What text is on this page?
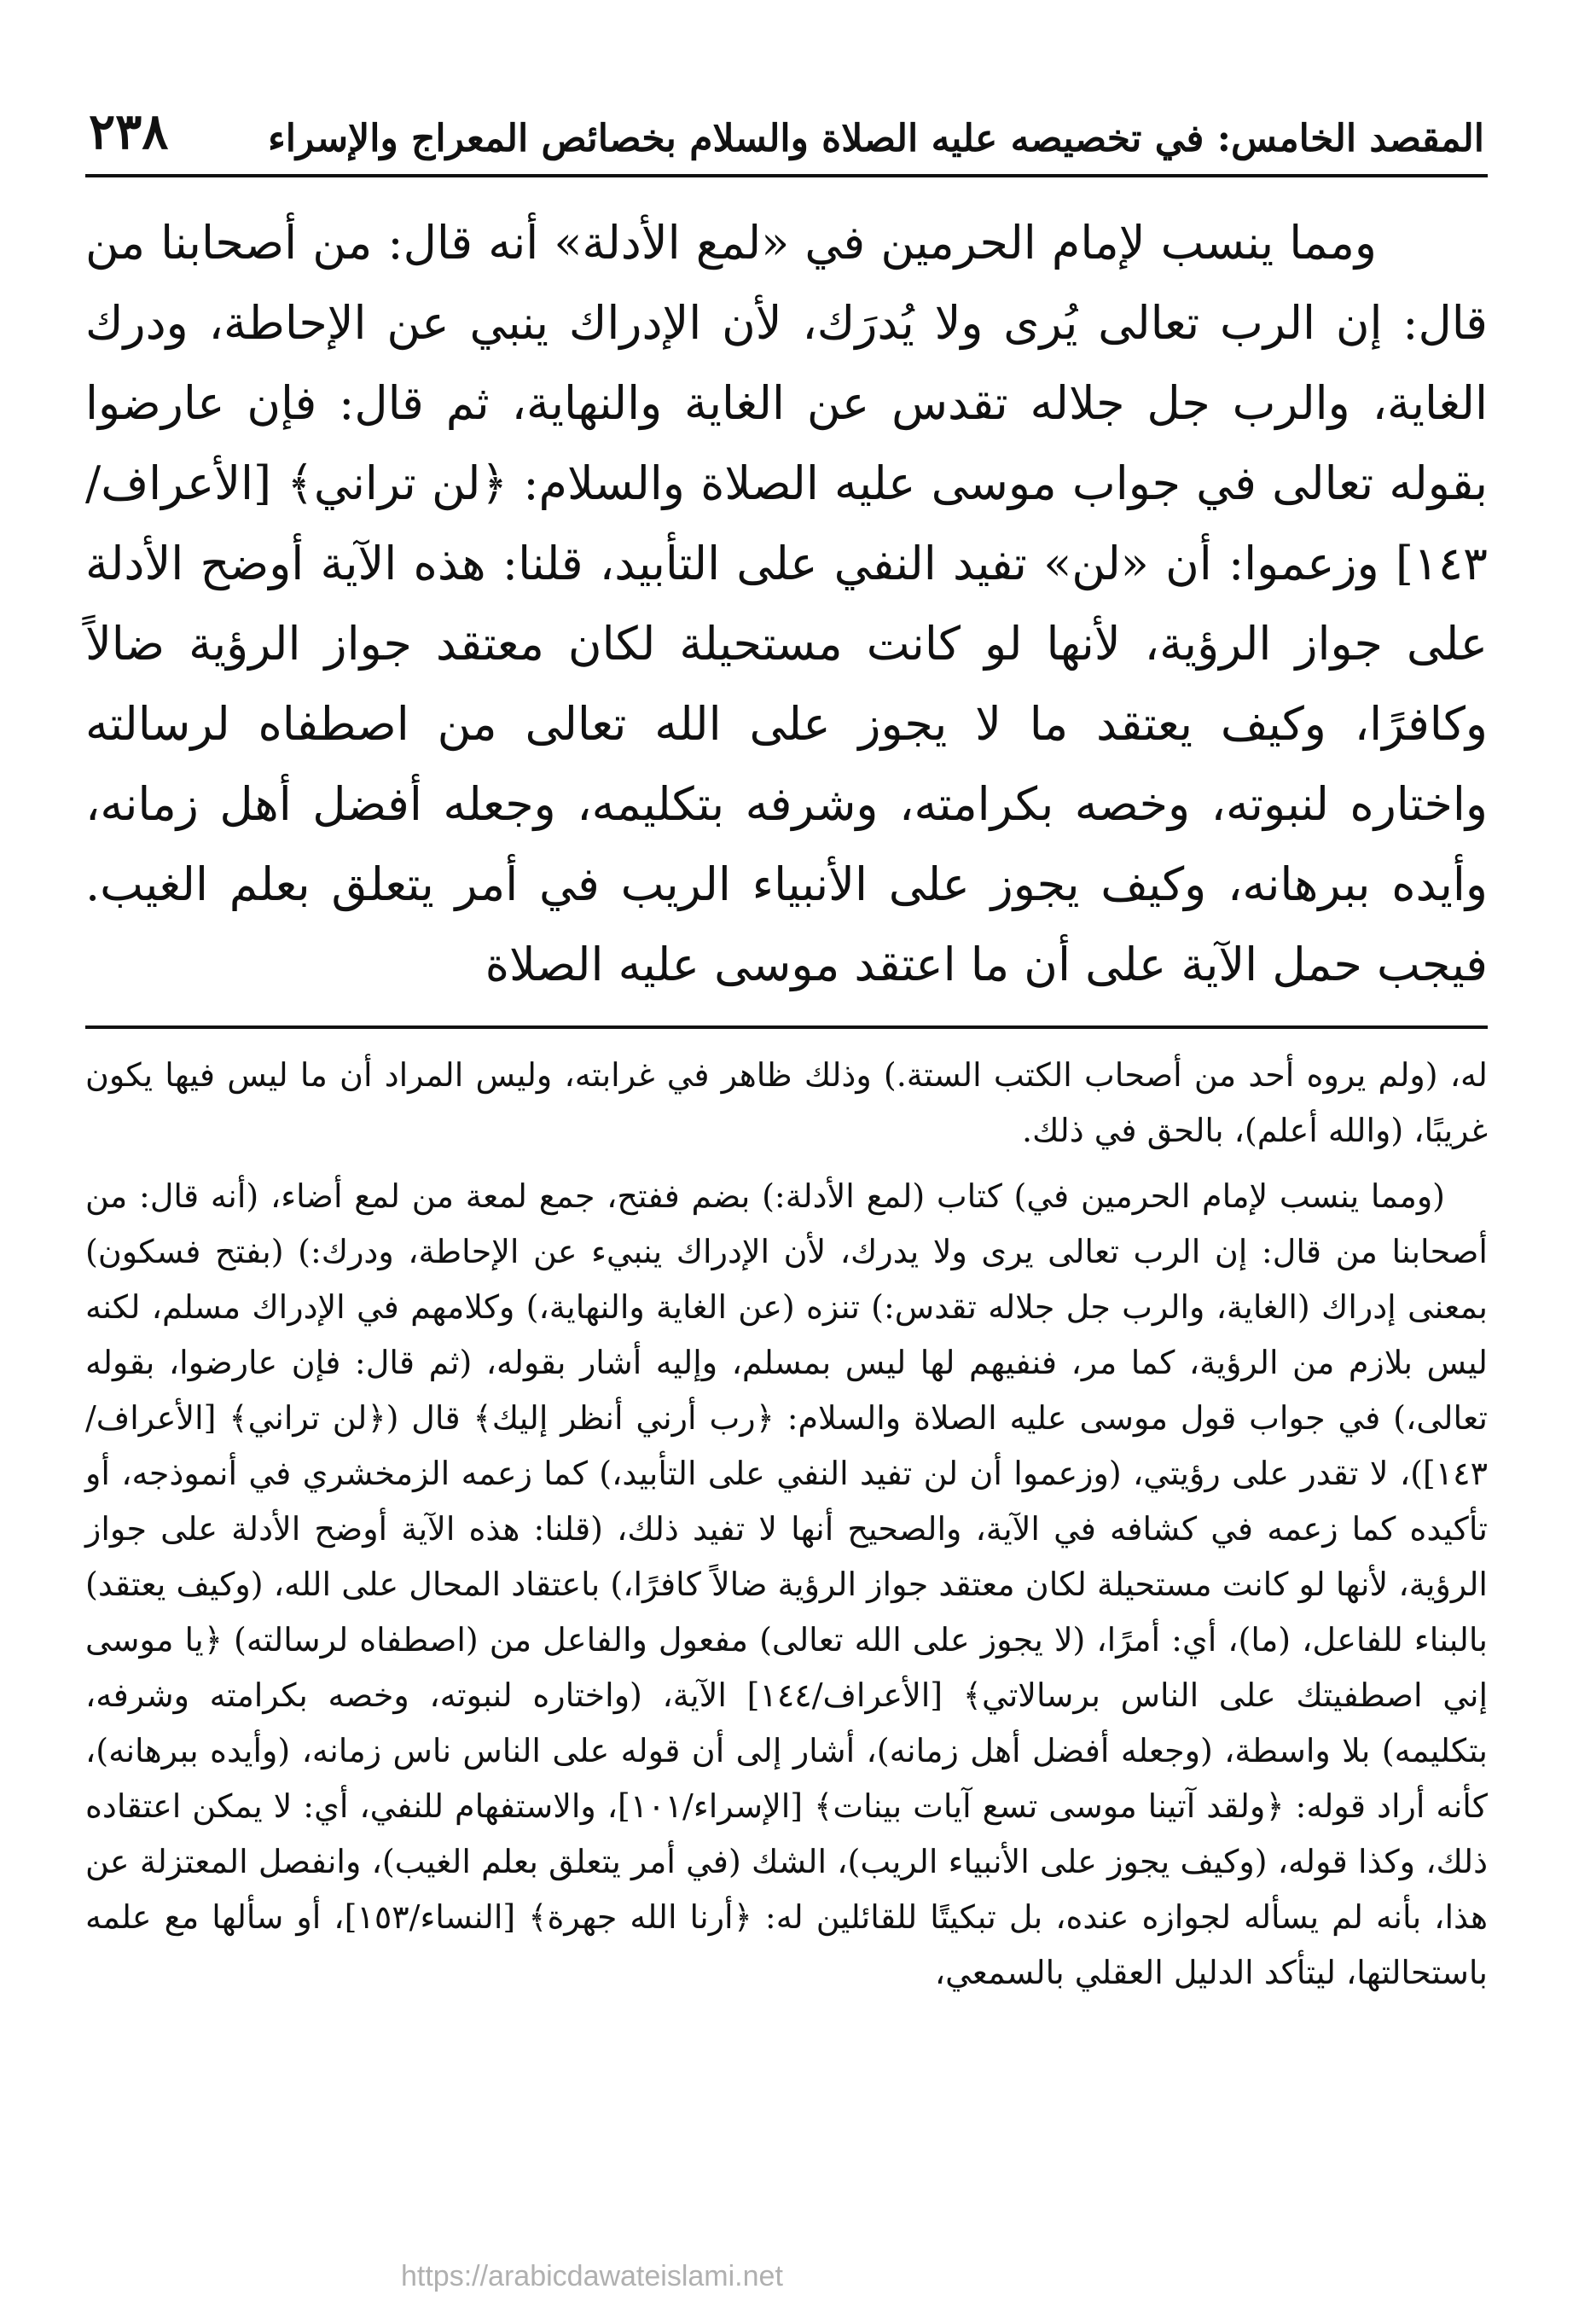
المقصد الخامس: في تخصيصه عليه الصلاة والسلام بخصائص المعراج والإسراء
٢٣٨

ومما ينسب لإمام الحرمين في «لمع الأدلة» أنه قال: من أصحابنا من قال: إن الرب تعالى يُرى ولا يُدرَك، لأن الإدراك ينبي عن الإحاطة، ودرك الغاية، والرب جل جلاله تقدس عن الغاية والنهاية، ثم قال: فإن عارضوا بقوله تعالى في جواب موسى عليه الصلاة والسلام: ﴿لن تراني﴾ [الأعراف/١٤٣] وزعموا: أن «لن» تفيد النفي على التأبيد، قلنا: هذه الآية أوضح الأدلة على جواز الرؤية، لأنها لو كانت مستحيلة لكان معتقد جواز الرؤية ضالاً وكافرًا، وكيف يعتقد ما لا يجوز على الله تعالى من اصطفاه لرسالته واختاره لنبوته، وخصه بكرامته، وشرفه بتكليمه، وجعله أفضل أهل زمانه، وأيده ببرهانه، وكيف يجوز على الأنبياء الريب في أمر يتعلق بعلم الغيب. فيجب حمل الآية على أن ما اعتقد موسى عليه الصلاة

له، (ولم يروه أحد من أصحاب الكتب الستة.) وذلك ظاهر في غرابته، وليس المراد أن ما ليس فيها يكون غريبًا، (والله أعلم)، بالحق في ذلك.

(ومما ينسب لإمام الحرمين في) كتاب (لمع الأدلة:) بضم ففتح، جمع لمعة من لمع أضاء، (أنه قال: من أصحابنا من قال: إن الرب تعالى يرى ولا يدرك، لأن الإدراك ينبيء عن الإحاطة، ودرك:) (بفتح فسكون) بمعنى إدراك (الغاية، والرب جل جلاله تقدس:) تنزه (عن الغاية والنهاية،) وكلامهم في الإدراك مسلم، لكنه ليس بلازم من الرؤية، كما مر، فنفيهم لها ليس بمسلم، وإليه أشار بقوله، (ثم قال: فإن عارضوا، بقوله تعالى،) في جواب قول موسى عليه الصلاة والسلام: ﴿رب أرني أنظر إليك﴾ قال (﴿لن تراني﴾ [الأعراف/١٤٣])، لا تقدر على رؤيتي، (وزعموا أن لن تفيد النفي على التأبيد،) كما زعمه الزمخشري في أنموذجه، أو تأكيده كما زعمه في كشافه في الآية، والصحيح أنها لا تفيد ذلك، (قلنا: هذه الآية أوضح الأدلة على جواز الرؤية، لأنها لو كانت مستحيلة لكان معتقد جواز الرؤية ضالاً كافرًا،) باعتقاد المحال على الله، (وكيف يعتقد) بالبناء للفاعل، (ما)، أي: أمرًا، (لا يجوز على الله تعالى) مفعول والفاعل من (اصطفاه لرسالته) ﴿يا موسى إني اصطفيتك على الناس برسالاتي﴾ [الأعراف/١٤٤] الآية، (واختاره لنبوته، وخصه بكرامته وشرفه، بتكليمه) بلا واسطة، (وجعله أفضل أهل زمانه)، أشار إلى أن قوله على الناس ناس زمانه، (وأيده ببرهانه)، كأنه أراد قوله: ﴿ولقد آتينا موسى تسع آيات بينات﴾ [الإسراء/١٠١]، والاستفهام للنفي، أي: لا يمكن اعتقاده ذلك، وكذا قوله، (وكيف يجوز على الأنبياء الريب)، الشك (في أمر يتعلق بعلم الغيب)، وانفصل المعتزلة عن هذا، بأنه لم يسأله لجوازه عنده، بل تبكيتًا للقائلين له: ﴿أرنا الله جهرة﴾ [النساء/١٥٣]، أو سألها مع علمه باستحالتها، ليتأكد الدليل العقلي بالسمعي،

https://arabicdawateislami.net
